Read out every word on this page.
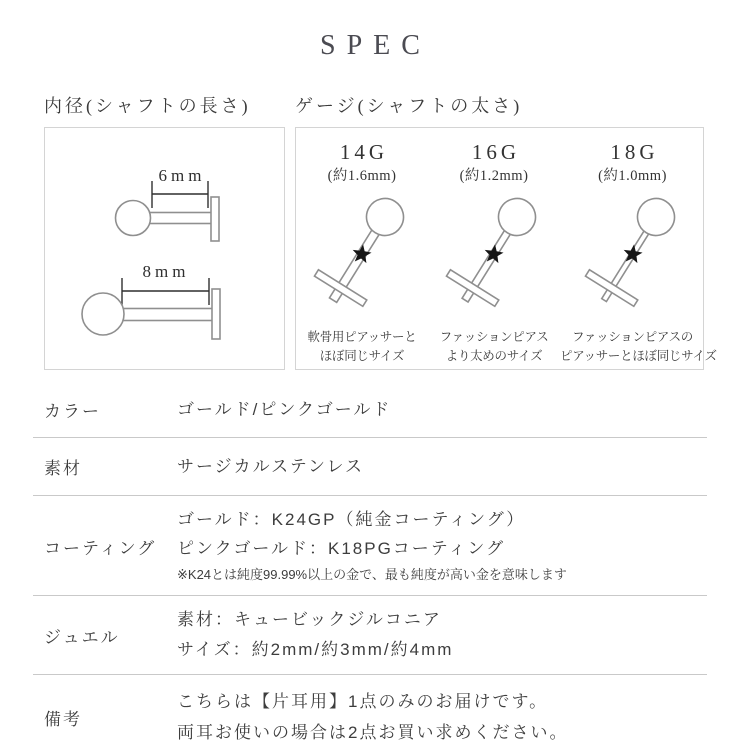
SPEC
内径(シャフトの長さ) ゲージ(シャフトの太さ)
6mm
8mm
14G
(約1.6mm)
軟骨用ピアッサーと
ほぼ同じサイズ
16G
(約1.2mm)
ファッションピアス
より太めのサイズ
18G
(約1.0mm)
ファッションピアスの
ピアッサーとほぼ同じサイズ
カラー	ゴールド/ピンクゴールド
素材	サージカルステンレス
コーティング
ゴールド：K24GP（純金コーティング）
ピンクゴールド：K18PGコーティング
※K24とは純度99.99%以上の金で、最も純度が高い金を意味します
ジュエル
素材：キュービックジルコニア
サイズ：約2mm/約3mm/約4mm
備考
こちらは【片耳用】1点のみのお届けです。
両耳お使いの場合は2点お買い求めください。
